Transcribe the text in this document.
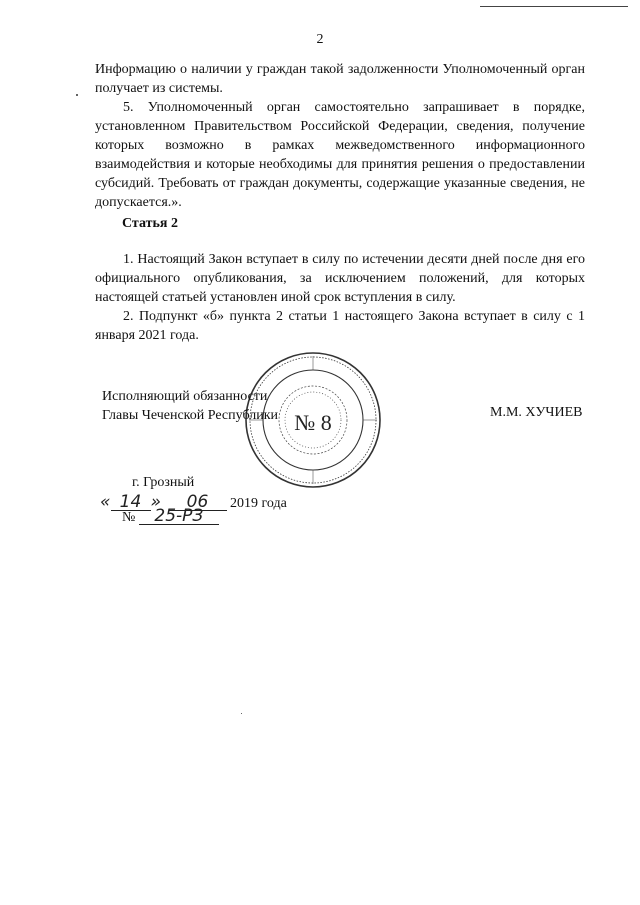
2

Информацию о наличии у граждан такой задолженности Уполномоченный орган получает из системы.

5. Уполномоченный орган самостоятельно запрашивает в порядке, установленном Правительством Российской Федерации, сведения, получение которых возможно в рамках межведомственного информационного взаимодействия и которые необходимы для принятия решения о предоставлении субсидий. Требовать от граждан документы, содержащие указанные сведения, не допускается.».

Статья 2

1. Настоящий Закон вступает в силу по истечении десяти дней после дня его официального опубликования, за исключением положений, для которых настоящей статьей установлен иной срок вступления в силу.

2. Подпункт «б» пункта 2 статьи 1 настоящего Закона вступает в силу с 1 января 2021 года.

№ 8
Исполняющий обязанности
Главы Чеченской Республики	М.М. ХУЧИЕВ
г. Грозный
« 14 » 06 2019 года
№ 25-РЗ
